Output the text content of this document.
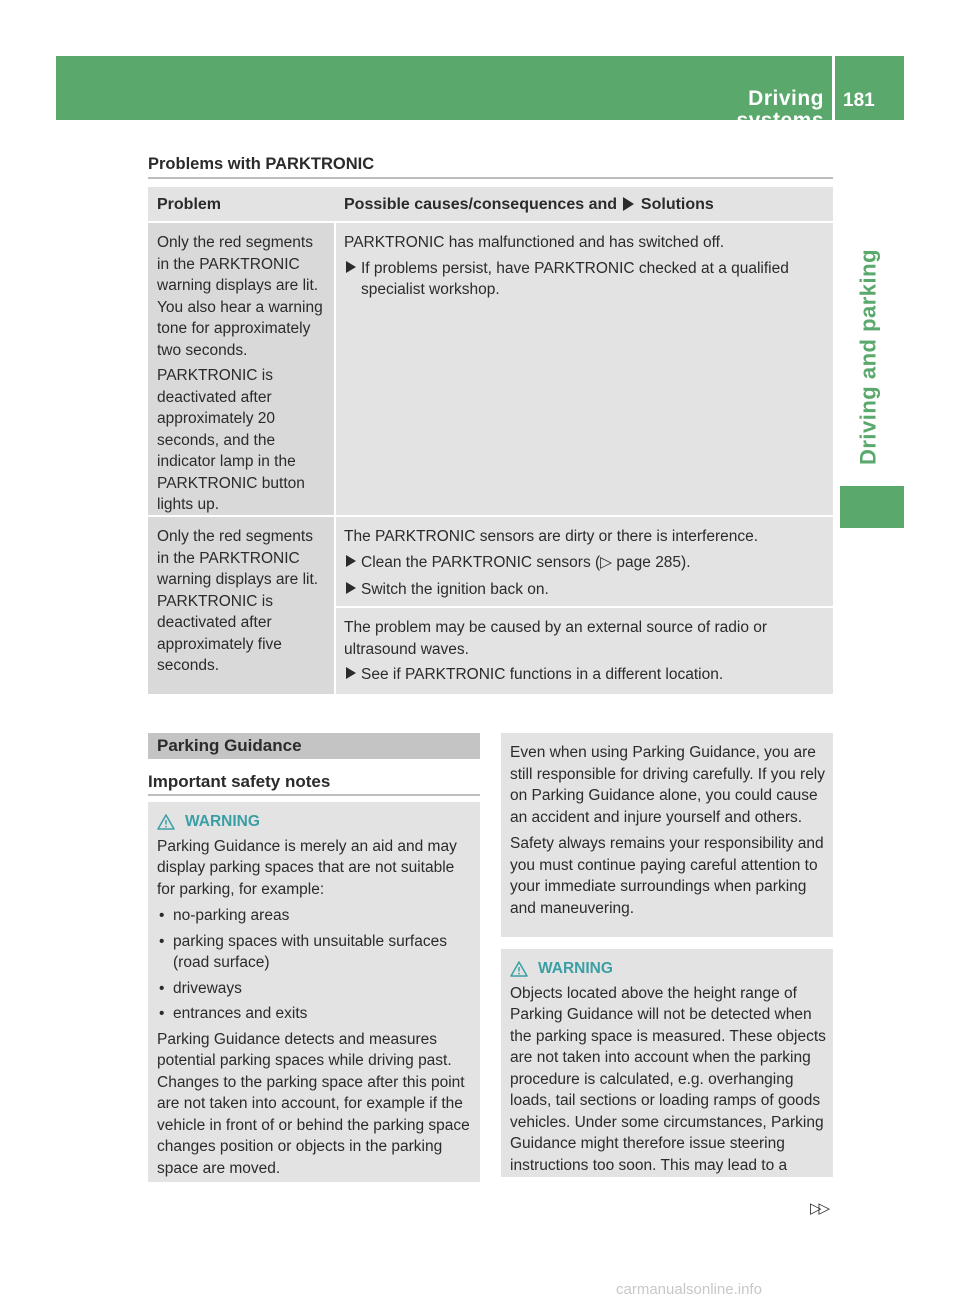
Driving systems
181
Driving and parking
Problems with PARKTRONIC
Problem	Possible causes/consequences and Solutions

Only the red segments in the PARKTRONIC warning displays are lit. You also hear a warning tone for approximately two seconds.

PARKTRONIC is deactivated after approximately 20 seconds, and the indicator lamp in the PARKTRONIC button lights up.

PARKTRONIC has malfunctioned and has switched off.

If problems persist, have PARKTRONIC checked at a qualified specialist workshop.

Only the red segments in the PARKTRONIC warning displays are lit. PARKTRONIC is deactivated after approximately five seconds.

The PARKTRONIC sensors are dirty or there is interference.

Clean the PARKTRONIC sensors (▷ page 285).
Switch the ignition back on.

The problem may be caused by an external source of radio or ultrasound waves.

See if PARKTRONIC functions in a different location.
Parking Guidance
Important safety notes
WARNING

Parking Guidance is merely an aid and may display parking spaces that are not suitable for parking, for example:

• no-parking areas
• parking spaces with unsuitable surfaces (road surface)
• driveways
• entrances and exits

Parking Guidance detects and measures potential parking spaces while driving past. Changes to the parking space after this point are not taken into account, for example if the vehicle in front of or behind the parking space changes position or objects in the parking space are moved.

Even when using Parking Guidance, you are still responsible for driving carefully. If you rely on Parking Guidance alone, you could cause an accident and injure yourself and others.

Safety always remains your responsibility and you must continue paying careful attention to your immediate surroundings when parking and maneuvering.

WARNING

Objects located above the height range of Parking Guidance will not be detected when the parking space is measured. These objects are not taken into account when the parking procedure is calculated, e.g. overhanging loads, tail sections or loading ramps of goods vehicles. Under some circumstances, Parking Guidance might therefore issue steering instructions too soon. This may lead to a

▷▷
carmanualsonline.info
